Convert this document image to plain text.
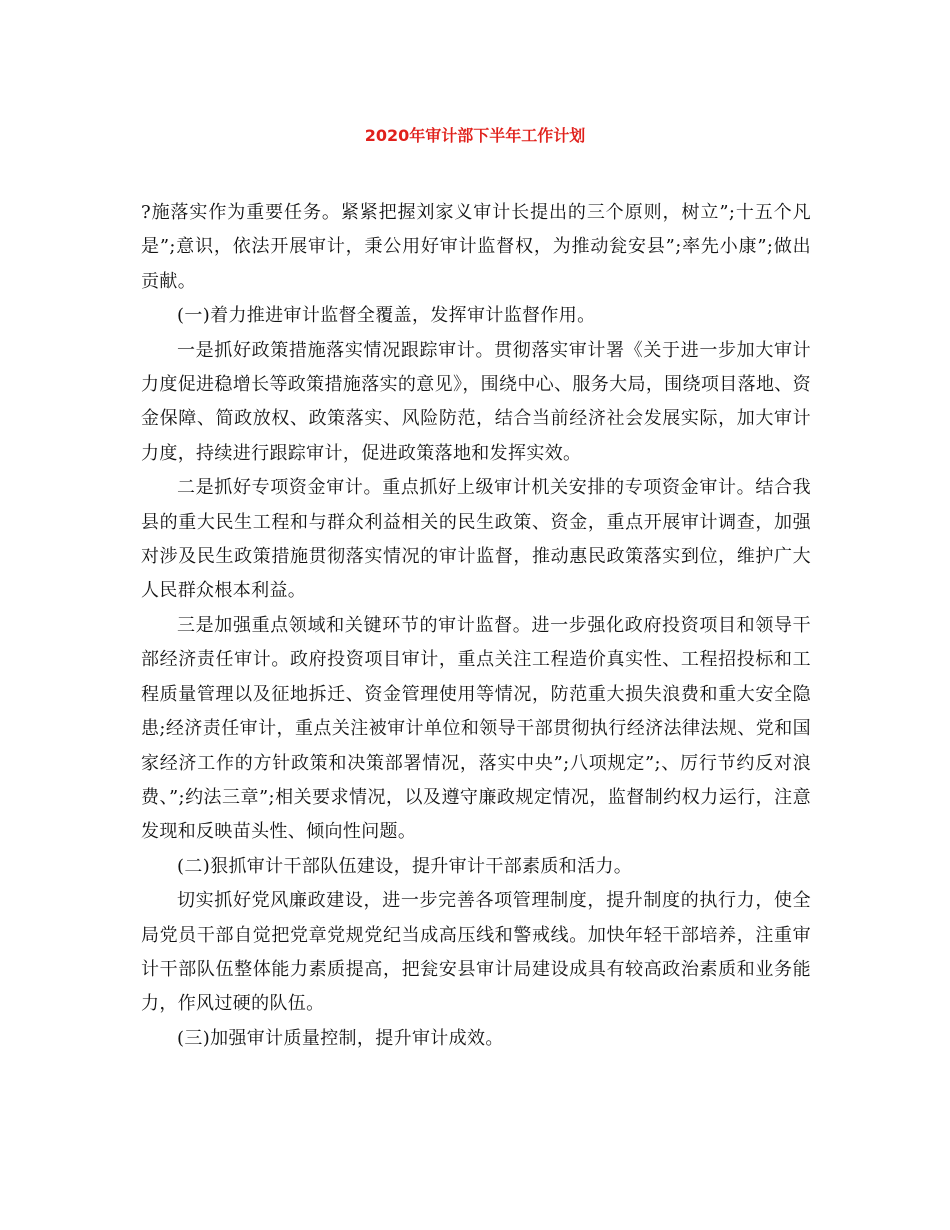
2020年审计部下半年工作计划

?施落实作为重要任务。紧紧把握刘家义审计长提出的三个原则，树立”;十五个凡是”;意识，依法开展审计，秉公用好审计监督权，为推动瓮安县”;率先小康”;做出贡献。

(一)着力推进审计监督全覆盖，发挥审计监督作用。

一是抓好政策措施落实情况跟踪审计。贯彻落实审计署《关于进一步加大审计力度促进稳增长等政策措施落实的意见》，围绕中心、服务大局，围绕项目落地、资金保障、简政放权、政策落实、风险防范，结合当前经济社会发展实际，加大审计力度，持续进行跟踪审计，促进政策落地和发挥实效。

二是抓好专项资金审计。重点抓好上级审计机关安排的专项资金审计。结合我县的重大民生工程和与群众利益相关的民生政策、资金，重点开展审计调查，加强对涉及民生政策措施贯彻落实情况的审计监督，推动惠民政策落实到位，维护广大人民群众根本利益。

三是加强重点领域和关键环节的审计监督。进一步强化政府投资项目和领导干部经济责任审计。政府投资项目审计，重点关注工程造价真实性、工程招投标和工程质量管理以及征地拆迁、资金管理使用等情况，防范重大损失浪费和重大安全隐患;经济责任审计，重点关注被审计单位和领导干部贯彻执行经济法律法规、党和国家经济工作的方针政策和决策部署情况，落实中央”;八项规定”;、厉行节约反对浪费、”;约法三章”;相关要求情况，以及遵守廉政规定情况，监督制约权力运行，注意发现和反映苗头性、倾向性问题。

(二)狠抓审计干部队伍建设，提升审计干部素质和活力。

切实抓好党风廉政建设，进一步完善各项管理制度，提升制度的执行力，使全局党员干部自觉把党章党规党纪当成高压线和警戒线。加快年轻干部培养，注重审计干部队伍整体能力素质提高，把瓮安县审计局建设成具有较高政治素质和业务能力，作风过硬的队伍。

(三)加强审计质量控制，提升审计成效。
